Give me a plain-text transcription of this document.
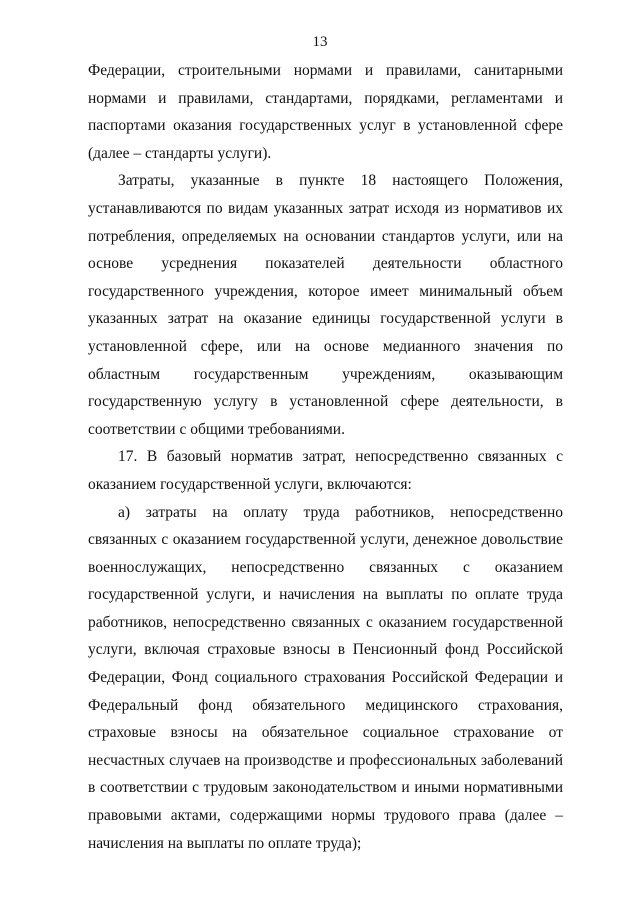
13

Федерации, строительными нормами и правилами, санитарными нормами и правилами, стандартами, порядками, регламентами и паспортами оказания государственных услуг в установленной сфере (далее – стандарты услуги).

Затраты, указанные в пункте 18 настоящего Положения, устанавливаются по видам указанных затрат исходя из нормативов их потребления, определяемых на основании стандартов услуги, или на основе усреднения показателей деятельности областного государственного учреждения, которое имеет минимальный объем указанных затрат на оказание единицы государственной услуги в установленной сфере, или на основе медианного значения по областным государственным учреждениям, оказывающим государственную услугу в установленной сфере деятельности, в соответствии с общими требованиями.

17. В базовый норматив затрат, непосредственно связанных с оказанием государственной услуги, включаются:

а) затраты на оплату труда работников, непосредственно связанных с оказанием государственной услуги, денежное довольствие военнослужащих, непосредственно связанных с оказанием государственной услуги, и начисления на выплаты по оплате труда работников, непосредственно связанных с оказанием государственной услуги, включая страховые взносы в Пенсионный фонд Российской Федерации, Фонд социального страхования Российской Федерации и Федеральный фонд обязательного медицинского страхования, страховые взносы на обязательное социальное страхование от несчастных случаев на производстве и профессиональных заболеваний в соответствии с трудовым законодательством и иными нормативными правовыми актами, содержащими нормы трудового права (далее – начисления на выплаты по оплате труда);
